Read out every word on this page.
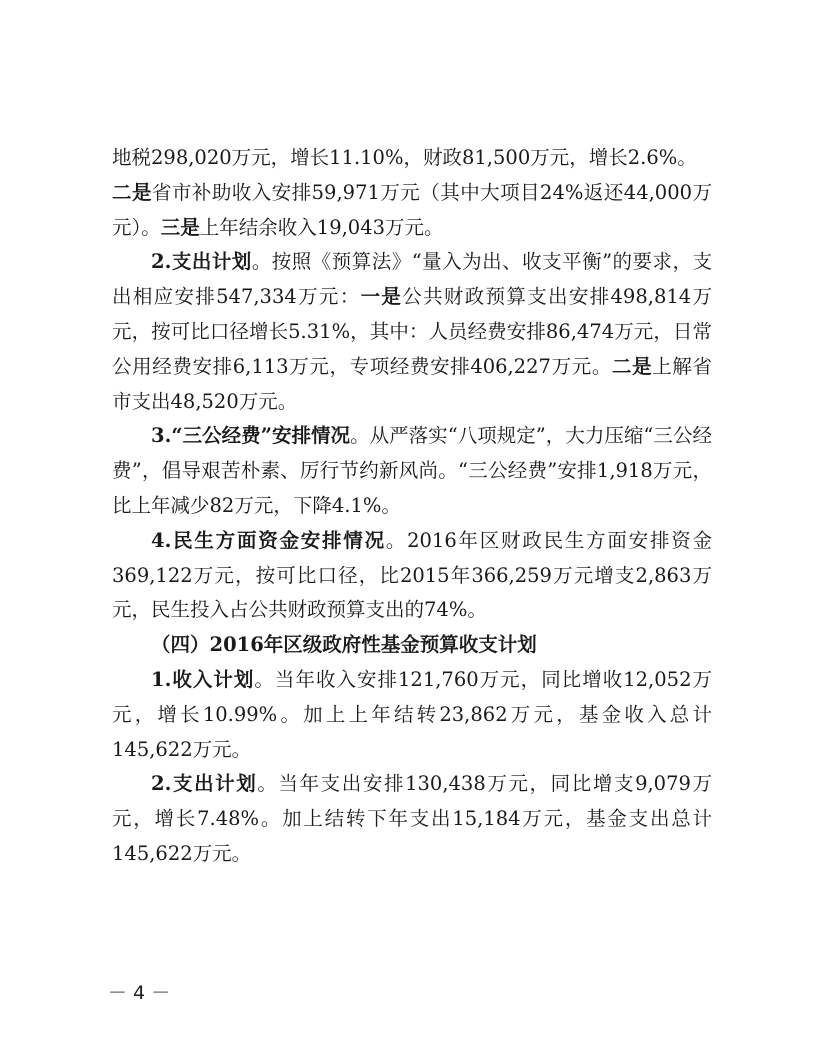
地税298,020万元，增长11.10%，财政81,500万元，增长2.6%。

二是省市补助收入安排59,971万元（其中大项目24%返还44,000万元）。三是上年结余收入19,043万元。

2.支出计划。按照《预算法》“量入为出、收支平衡”的要求，支出相应安排547,334万元：一是公共财政预算支出安排498,814万元，按可比口径增长5.31%，其中：人员经费安排86,474万元，日常公用经费安排6,113万元，专项经费安排406,227万元。二是上解省市支出48,520万元。

3.“三公经费”安排情况。从严落实“八项规定”，大力压缩“三公经费”，倡导艰苦朴素、厉行节约新风尚。“三公经费”安排1,918万元，比上年减少82万元，下降4.1%。

4.民生方面资金安排情况。2016年区财政民生方面安排资金369,122万元，按可比口径，比2015年366,259万元增支2,863万元，民生投入占公共财政预算支出的74%。

（四）2016年区级政府性基金预算收支计划

1.收入计划。当年收入安排121,760万元，同比增收12,052万元，增长10.99%。加上上年结转23,862万元，基金收入总计145,622万元。

2.支出计划。当年支出安排130,438万元，同比增支9,079万元，增长7.48%。加上结转下年支出15,184万元，基金支出总计145,622万元。

－ 4 －
